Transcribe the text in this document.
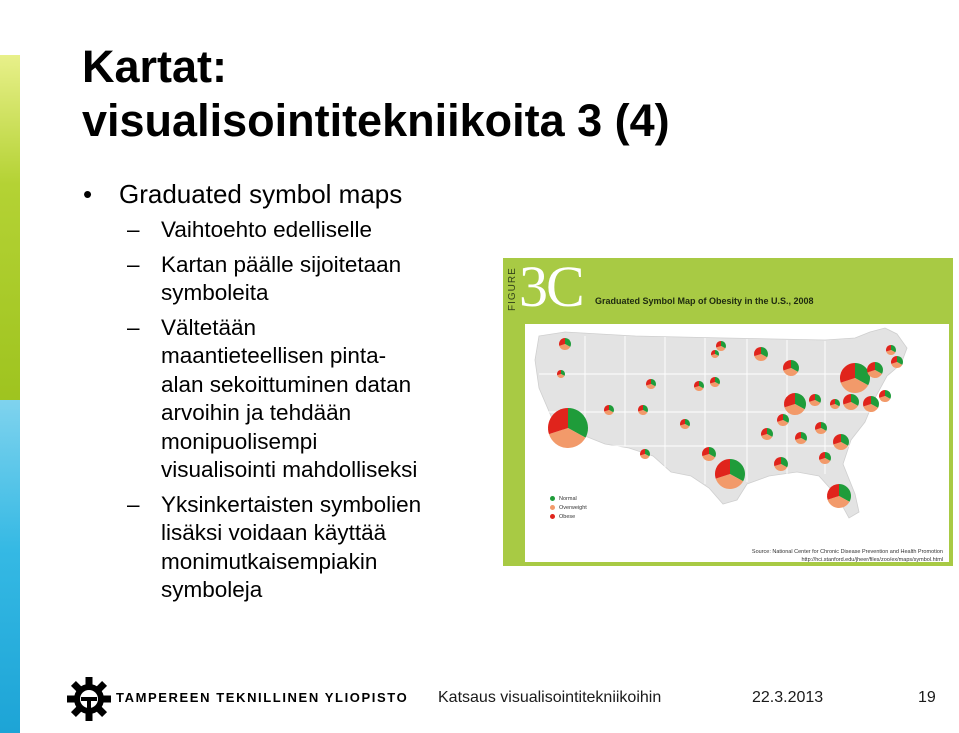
Kartat:
visualisointitekniikoita 3 (4)
• Graduated symbol maps
– Vaihtoehto edelliselle
– Kartan päälle sijoitetaan
symboleita
– Vältetään
maantieteellisen pinta-
alan sekoittuminen datan
arvoihin ja tehdään
monipuolisempi
visualisointi mahdolliseksi
– Yksinkertaisten symbolien
lisäksi voidaan käyttää
monimutkaisempiakin
symboleja
FIGURE 3C Graduated Symbol Map of Obesity in the U.S., 2008
Normal
Overweight
Obese
Source: National Center for Chronic Disease Prevention and Health Promotion
http://hci.stanford.edu/jheer/files/zoo/ex/maps/symbol.html
TAMPEREEN TEKNILLINEN YLIOPISTO Katsaus visualisointitekniikoihin	22.3.2013	19
